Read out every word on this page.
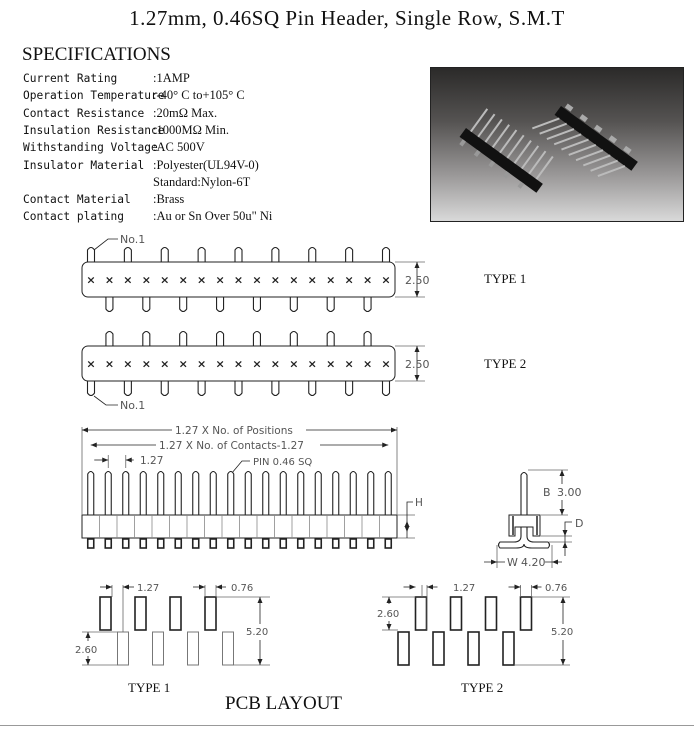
1.27mm, 0.46SQ Pin Header, Single Row, S.M.T
SPECIFICATIONS
Current Rating	:1AMP
Operation Temperature:-40° C to+105° C
Contact Resistance :20mΩ Max.
Insulation Resistance:1000MΩ Min.
Withstanding Voltage:AC 500V
Insulator Material :Polyester(UL94V-0)
Standard:Nylon-6T
Contact Material :Brass
Contact plating :Au or Sn Over 50u" Ni
× × × × × × × × × × × × × × × × ×
× × × × × × × × × × × × × × × × ×
No.1
2.50
No.1
2.50
1.27 X No. of Positions
1.27 X No. of Contacts-1.27
1.27	PIN 0.46 SQ
H
B 3.00
D
W 4.20
1.27	0.76
2.60
5.20
1.27	0.76
2.60
5.20
TYPE 1
TYPE 2
TYPE 1	TYPE 2
PCB LAYOUT
